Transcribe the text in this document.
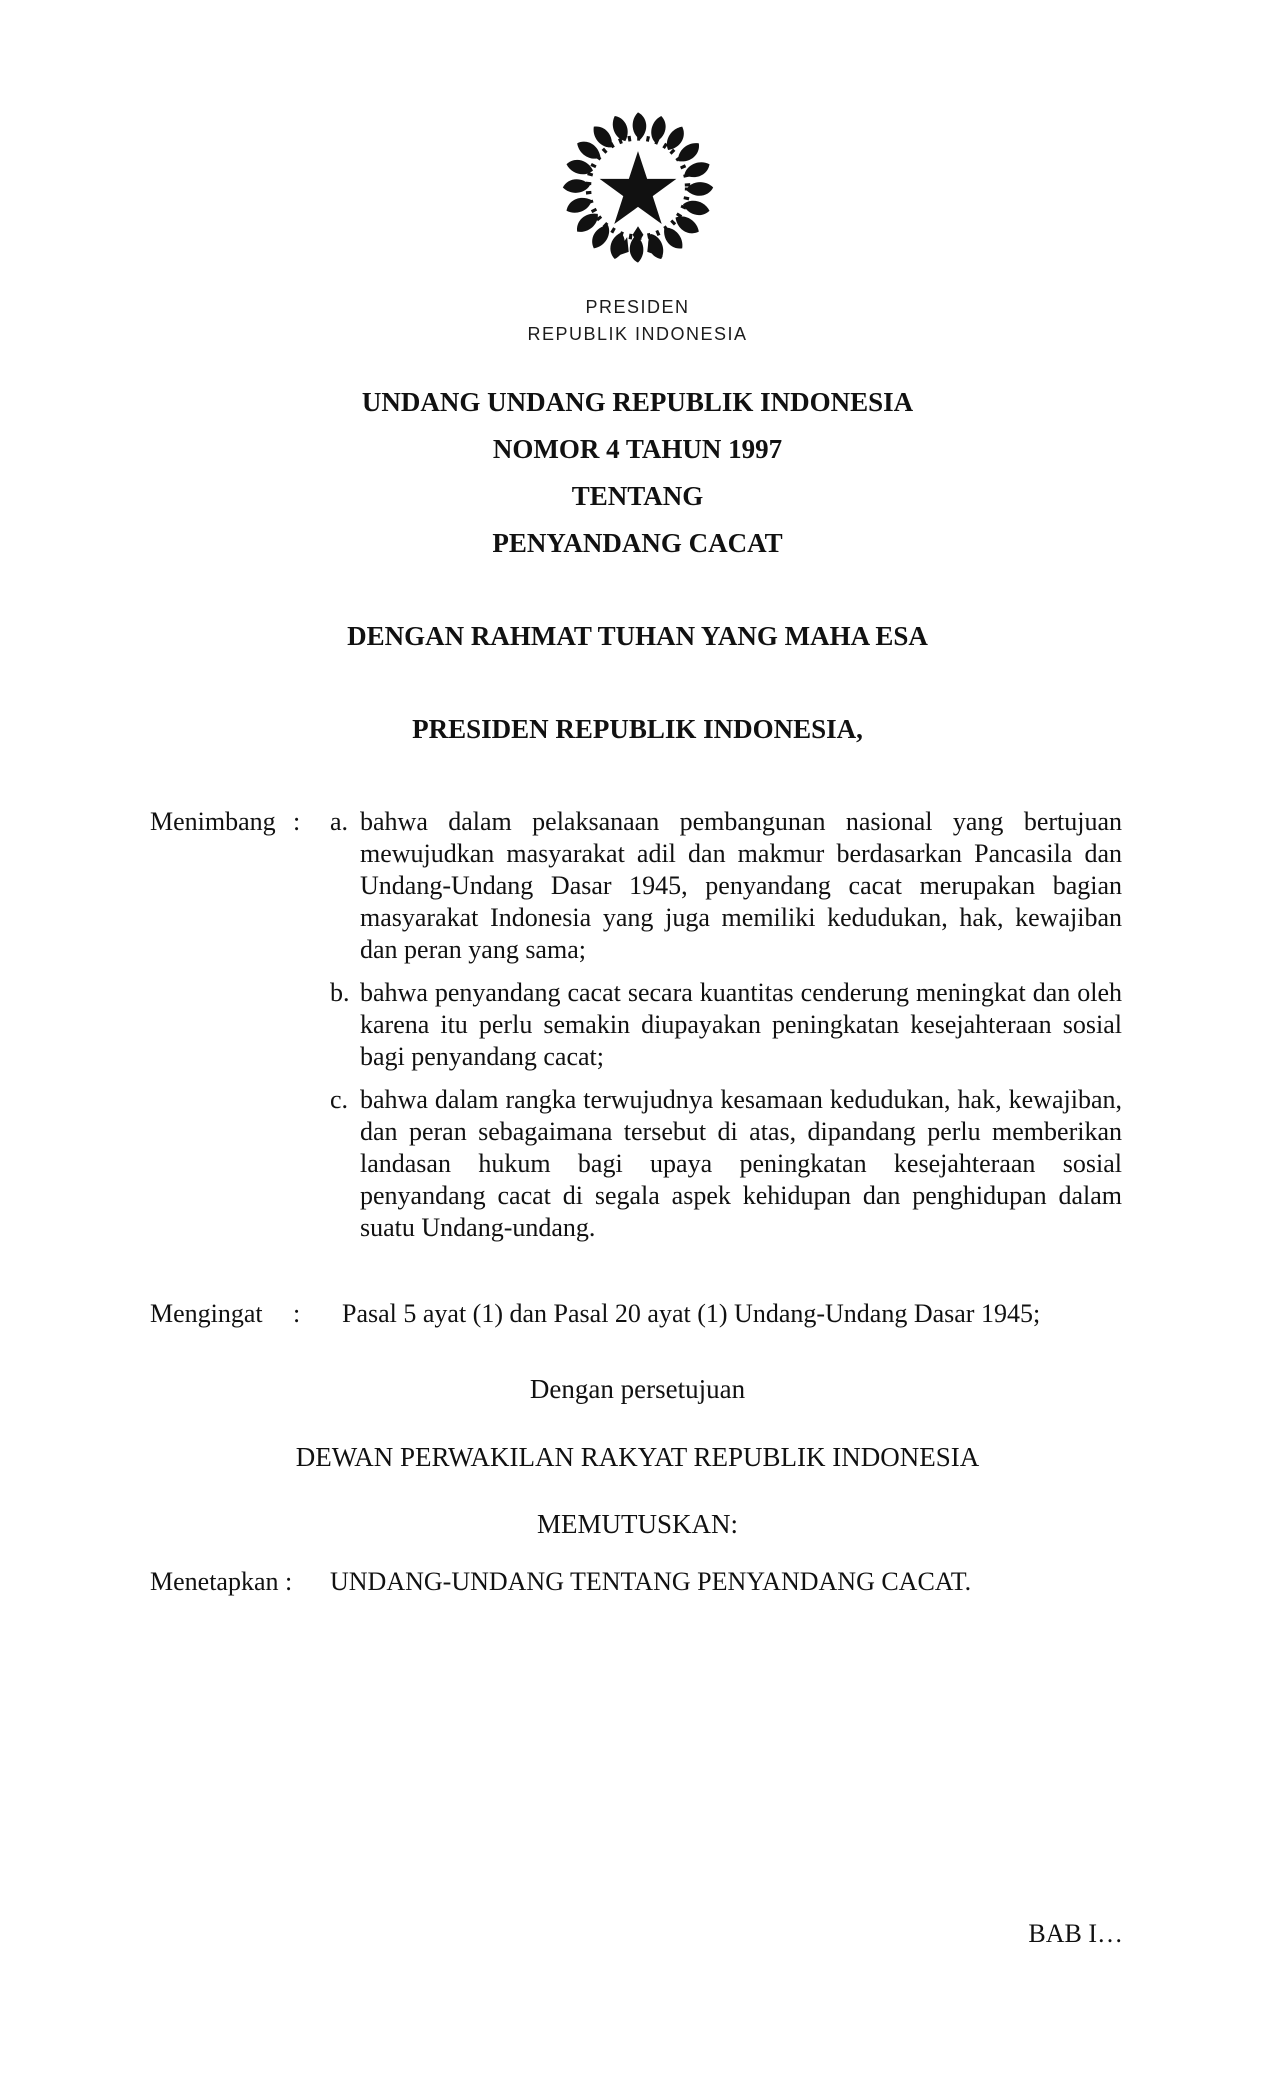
PRESIDEN
REPUBLIK INDONESIA
UNDANG UNDANG REPUBLIK INDONESIA
NOMOR 4 TAHUN 1997
TENTANG
PENYANDANG CACAT
DENGAN RAHMAT TUHAN YANG MAHA ESA
PRESIDEN REPUBLIK INDONESIA,
Menimbang :	a. bahwa dalam pelaksanaan pembangunan nasional yang bertujuan mewujudkan masyarakat adil dan makmur berdasarkan Pancasila dan Undang-Undang Dasar 1945, penyandang cacat merupakan bagian masyarakat Indonesia yang juga memiliki kedudukan, hak, kewajiban dan peran yang sama;
b. bahwa penyandang cacat secara kuantitas cenderung meningkat dan oleh karena itu perlu semakin diupayakan peningkatan kesejahteraan sosial bagi penyandang cacat;
c. bahwa dalam rangka terwujudnya kesamaan kedudukan, hak, kewajiban, dan peran sebagaimana tersebut di atas, dipandang perlu memberikan landasan hukum bagi upaya peningkatan kesejahteraan sosial penyandang cacat di segala aspek kehidupan dan penghidupan dalam suatu Undang-undang.
Mengingat	:	Pasal 5 ayat (1) dan Pasal 20 ayat (1) Undang-Undang Dasar 1945;
Dengan persetujuan
DEWAN PERWAKILAN RAKYAT REPUBLIK INDONESIA
MEMUTUSKAN:
Menetapkan :	UNDANG-UNDANG TENTANG PENYANDANG CACAT.
BAB I…
